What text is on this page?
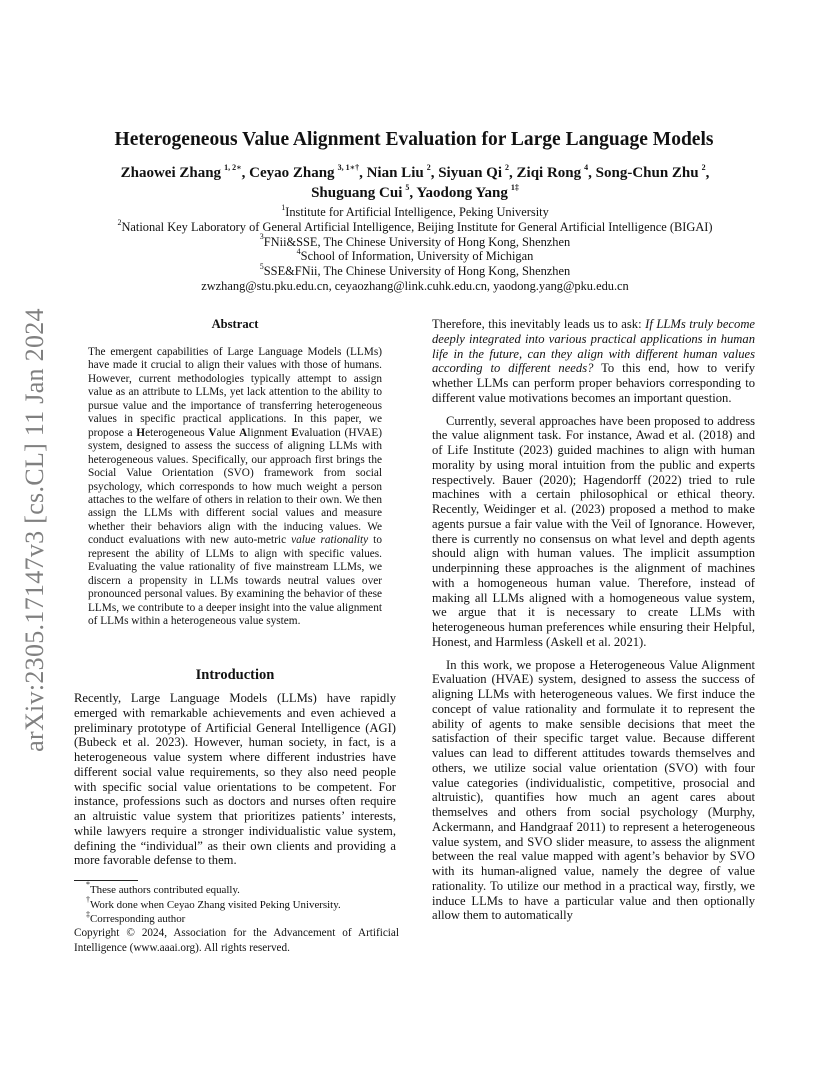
arXiv:2305.17147v3 [cs.CL] 11 Jan 2024
Heterogeneous Value Alignment Evaluation for Large Language Models
Zhaowei Zhang  $^{1, 2∗}$, Ceyao Zhang  $^{3, 1∗\dagger}$, Nian Liu  $^2$, Siyuan Qi  $^2$, Ziqi Rong  $^4$, Song-Chun Zhu  $^2$,
Shuguang Cui  $^5$, Yaodong Yang  $^{1\ddagger}$
$^1$Institute for Artificial Intelligence, Peking University
$^2$National Key Laboratory of General Artificial Intelligence, Beijing Institute for General Artificial Intelligence (BIGAI)
$^3$FNii&SSE, The Chinese University of Hong Kong, Shenzhen
$^4$School of Information, University of Michigan
$^5$SSE&FNii, The Chinese University of Hong Kong, Shenzhen
zwzhang@stu.pku.edu.cn, ceyaozhang@link.cuhk.edu.cn, yaodong.yang@pku.edu.cn
Abstract
The emergent capabilities of Large Language Models (LLMs) have made it crucial to align their values with those of humans. However, current methodologies typically attempt to assign value as an attribute to LLMs, yet lack attention to the ability to pursue value and the importance of transferring heterogeneous values in specific practical applications. In this paper, we propose a Heterogeneous Value Alignment Evaluation (HVAE) system, designed to assess the success of aligning LLMs with heterogeneous values. Specifically, our approach first brings the Social Value Orientation (SVO) framework from social psychology, which corresponds to how much weight a person attaches to the welfare of others in relation to their own. We then assign the LLMs with different social values and measure whether their behaviors align with the inducing values. We conduct evaluations with new auto-metric value rationality to represent the ability of LLMs to align with specific values. Evaluating the value rationality of five mainstream LLMs, we discern a propensity in LLMs towards neutral values over pronounced personal values. By examining the behavior of these LLMs, we contribute to a deeper insight into the value alignment of LLMs within a heterogeneous value system.
Introduction

Recently, Large Language Models (LLMs) have rapidly emerged with remarkable achievements and even achieved a preliminary prototype of Artificial General Intelligence (AGI) (Bubeck et al. 2023). However, human society, in fact, is a heterogeneous value system where different industries have different social value requirements, so they also need people with specific social value orientations to be competent. For instance, professions such as doctors and nurses often require an altruistic value system that prioritizes patients’ interests, while lawyers require a stronger individualistic value system, defining the “individual” as their own clients and providing a more favorable defense to them.

Therefore, this inevitably leads us to ask: If LLMs truly become deeply integrated into various practical applications in human life in the future, can they align with different human values according to different needs? To this end, how to verify whether LLMs can perform proper behaviors corresponding to different value motivations becomes an important question.

Currently, several approaches have been proposed to address the value alignment task. For instance, Awad et al. (2018) and of Life Institute (2023) guided machines to align with human morality by using moral intuition from the public and experts respectively. Bauer (2020); Hagendorff (2022) tried to rule machines with a certain philosophical or ethical theory. Recently, Weidinger et al. (2023) proposed a method to make agents pursue a fair value with the Veil of Ignorance. However, there is currently no consensus on what level and depth agents should align with human values. The implicit assumption underpinning these approaches is the alignment of machines with a homogeneous human value. Therefore, instead of making all LLMs aligned with a homogeneous value system, we argue that it is necessary to create LLMs with heterogeneous human preferences while ensuring their Helpful, Honest, and Harmless (Askell et al. 2021).

In this work, we propose a Heterogeneous Value Alignment Evaluation (HVAE) system, designed to assess the success of aligning LLMs with heterogeneous values. We first induce the concept of value rationality and formulate it to represent the ability of agents to make sensible decisions that meet the satisfaction of their specific target value. Because different values can lead to different attitudes towards themselves and others, we utilize social value orientation (SVO) with four value categories (individualistic, competitive, prosocial and altruistic), quantifies how much an agent cares about themselves and others from social psychology (Murphy, Ackermann, and Handgraaf 2011) to represent a heterogeneous value system, and SVO slider measure, to assess the alignment between the real value mapped with agent’s behavior by SVO with its human-aligned value, namely the degree of value rationality. To utilize our method in a practical way, firstly, we induce LLMs to have a particular value and then optionally allow them to automatically

*These authors contributed equally.
†Work done when Ceyao Zhang visited Peking University.
‡Corresponding author
Copyright © 2024, Association for the Advancement of Artificial Intelligence (www.aaai.org). All rights reserved.
